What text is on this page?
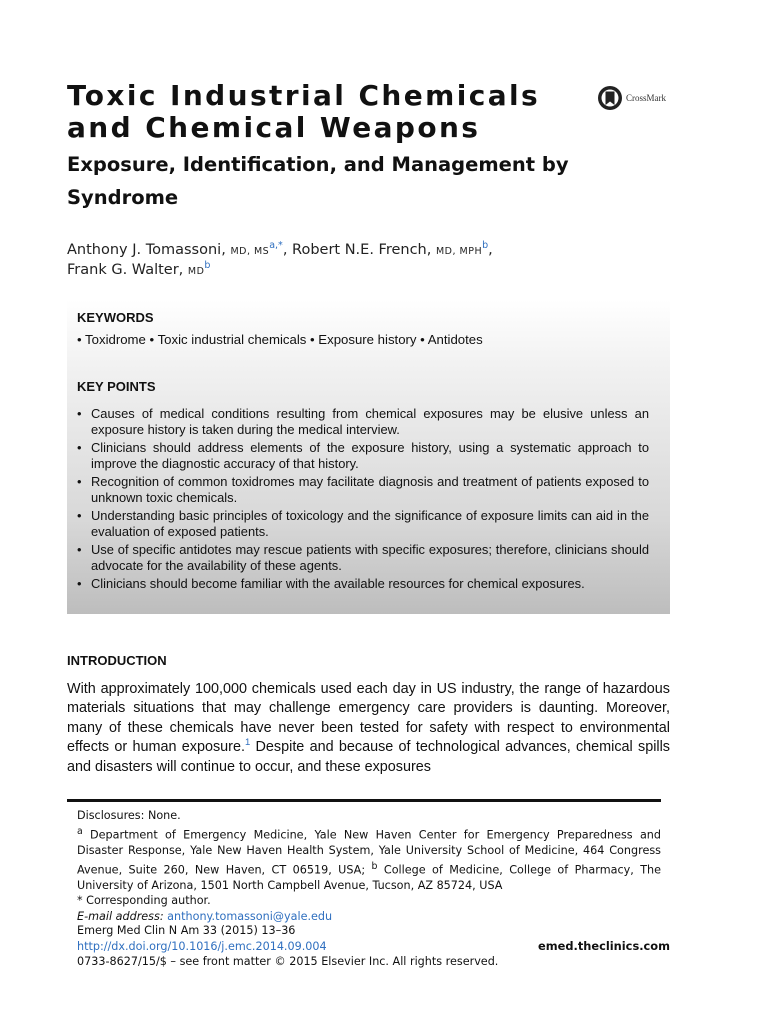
Toxic Industrial Chemicals
and Chemical Weapons
CrossMark
Exposure, Identification, and Management by Syndrome
Anthony J. Tomassoni, MD, MS$^{a,*}$, Robert N.E. French, MD, MPH$^b$,
Frank G. Walter, MD$^b$
KEYWORDS
• Toxidrome • Toxic industrial chemicals • Exposure history • Antidotes
KEY POINTS
• Causes of medical conditions resulting from chemical exposures may be elusive unless an exposure history is taken during the medical interview.
• Clinicians should address elements of the exposure history, using a systematic approach to improve the diagnostic accuracy of that history.
• Recognition of common toxidromes may facilitate diagnosis and treatment of patients exposed to unknown toxic chemicals.
• Understanding basic principles of toxicology and the significance of exposure limits can aid in the evaluation of exposed patients.
• Use of specific antidotes may rescue patients with specific exposures; therefore, clinicians should advocate for the availability of these agents.
• Clinicians should become familiar with the available resources for chemical exposures.
INTRODUCTION

With approximately 100,000 chemicals used each day in US industry, the range of hazardous materials situations that may challenge emergency care providers is daunting. Moreover, many of these chemicals have never been tested for safety with respect to environmental effects or human exposure.$^1$ Despite and because of technological advances, chemical spills and disasters will continue to occur, and these exposures

Disclosures: None.

$^a$ Department of Emergency Medicine, Yale New Haven Center for Emergency Preparedness and Disaster Response, Yale New Haven Health System, Yale University School of Medicine, 464 Congress Avenue, Suite 260, New Haven, CT 06519, USA; $^b$ College of Medicine, College of Pharmacy, The University of Arizona, 1501 North Campbell Avenue, Tucson, AZ 85724, USA

* Corresponding author.

E-mail address: anthony.tomassoni@yale.edu

Emerg Med Clin N Am 33 (2015) 13–36

http://dx.doi.org/10.1016/j.emc.2014.09.004

0733-8627/15/$ – see front matter © 2015 Elsevier Inc. All rights reserved.

emed.theclinics.com
